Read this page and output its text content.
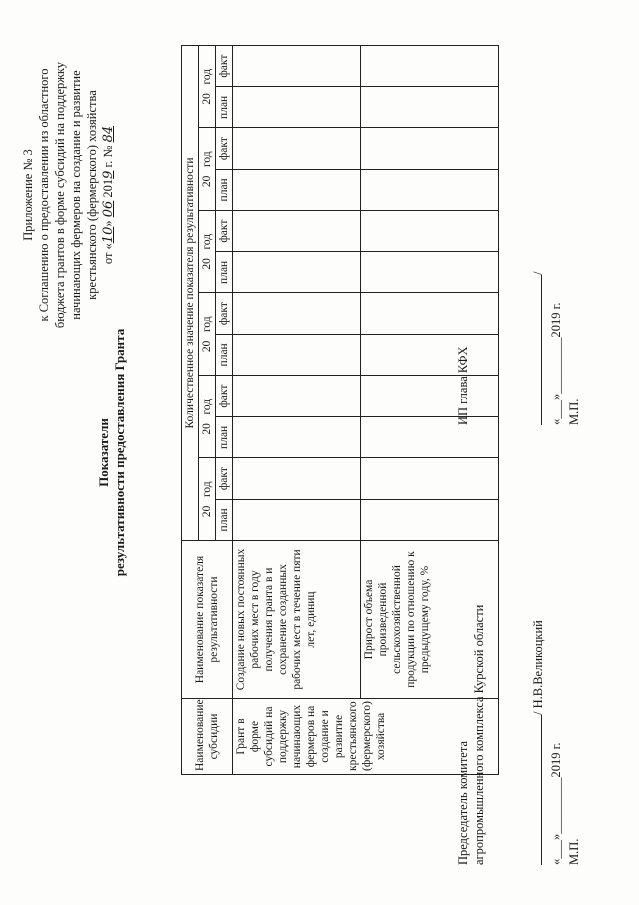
Приложение № 3 к Соглашению о предоставлении из областного бюджета грантов в форме субсидий на поддержку начинающих фермеров на создание и развитие крестьянского (фермерского) хозяйства от «10» 06 2019 г. № 84
Показатели результативности предоставления Гранта
Наименование субсидии	Наименование показателя результативности	Количественное значение показателя результативности											
		20   год		20   год		20   год		20   год		20   год		20   год	
		план	факт	план	факт	план	факт	план	факт	план	факт	план	факт
Грант в форме субсидий на поддержку начинающих фермеров на создание и развитие крестьянского (фермерского) хозяйства	Создание новых постоянных рабочих мест в году получения гранта в и сохранение созданных рабочих мест в течение пяти лет, единиц												
	Прирост объема произведенной сельскохозяйственной продукции по отношению к предыдущему году, %												
Председатель комитета агропромышленного комплекса Курской области	/ Н.В.Великоцкий
«___»_________2019 г. М.П.
ИП глава КФХ
/
«___»_________2019 г. М.П.
